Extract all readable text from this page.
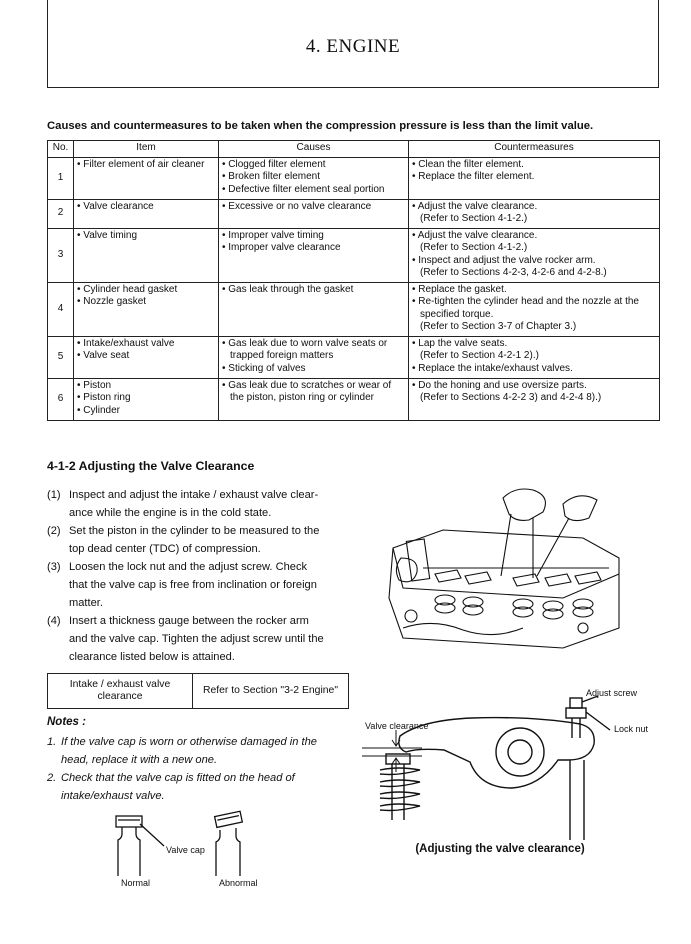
4. ENGINE
Causes and countermeasures to be taken when the compression pressure is less than the limit value.
No.	Item	Causes	Countermeasures
1	• Filter element of air cleaner	• Clogged filter element
• Broken filter element
• Defective filter element seal portion	• Clean the filter element.
• Replace the filter element.

2	• Valve clearance	• Excessive or no valve clearance	• Adjust the valve clearance.
(Refer to Section 4-1-2.)

3	• Valve timing	• Improper valve timing
• Improper valve clearance	• Adjust the valve clearance.
(Refer to Section 4-1-2.)
• Inspect and adjust the valve rocker arm.
(Refer to Sections 4-2-3, 4-2-6 and 4-2-8.)

4	• Cylinder head gasket
• Nozzle gasket	• Gas leak through the gasket	• Replace the gasket.
• Re-tighten the cylinder head and the nozzle at the
specified torque.
(Refer to Section 3-7 of Chapter 3.)

5	• Intake/exhaust valve
• Valve seat	• Gas leak due to worn valve seats or
trapped foreign matters
• Sticking of valves	• Lap the valve seats.
(Refer to Section 4-2-1 2).)
• Replace the intake/exhaust valves.

6	• Piston
• Piston ring
• Cylinder	• Gas leak due to scratches or wear of
the piston, piston ring or cylinder	• Do the honing and use oversize parts.
(Refer to Sections 4-2-2 3) and 4-2-4 8).)
4-1-2 Adjusting the Valve Clearance
(1) Inspect and adjust the intake / exhaust valve clear-
ance while the engine is in the cold state.
(2) Set the piston in the cylinder to be measured to the
top dead center (TDC) of compression.
(3) Loosen the lock nut and the adjust screw. Check
that the valve cap is free from inclination or foreign
matter.
(4) Insert a thickness gauge between the rocker arm
and the valve cap. Tighten the adjust screw until the
clearance listed below is attained.
Intake / exhaust valve clearance	Refer to Section "3-2 Engine"
Notes :
1. If the valve cap is worn or otherwise damaged in the
head, replace it with a new one.
2. Check that the valve cap is fitted on the head of
intake/exhaust valve.
Valve cap
Normal	Abnormal
Adjust screw
Lock nut
Valve clearance
(Adjusting the valve clearance)
